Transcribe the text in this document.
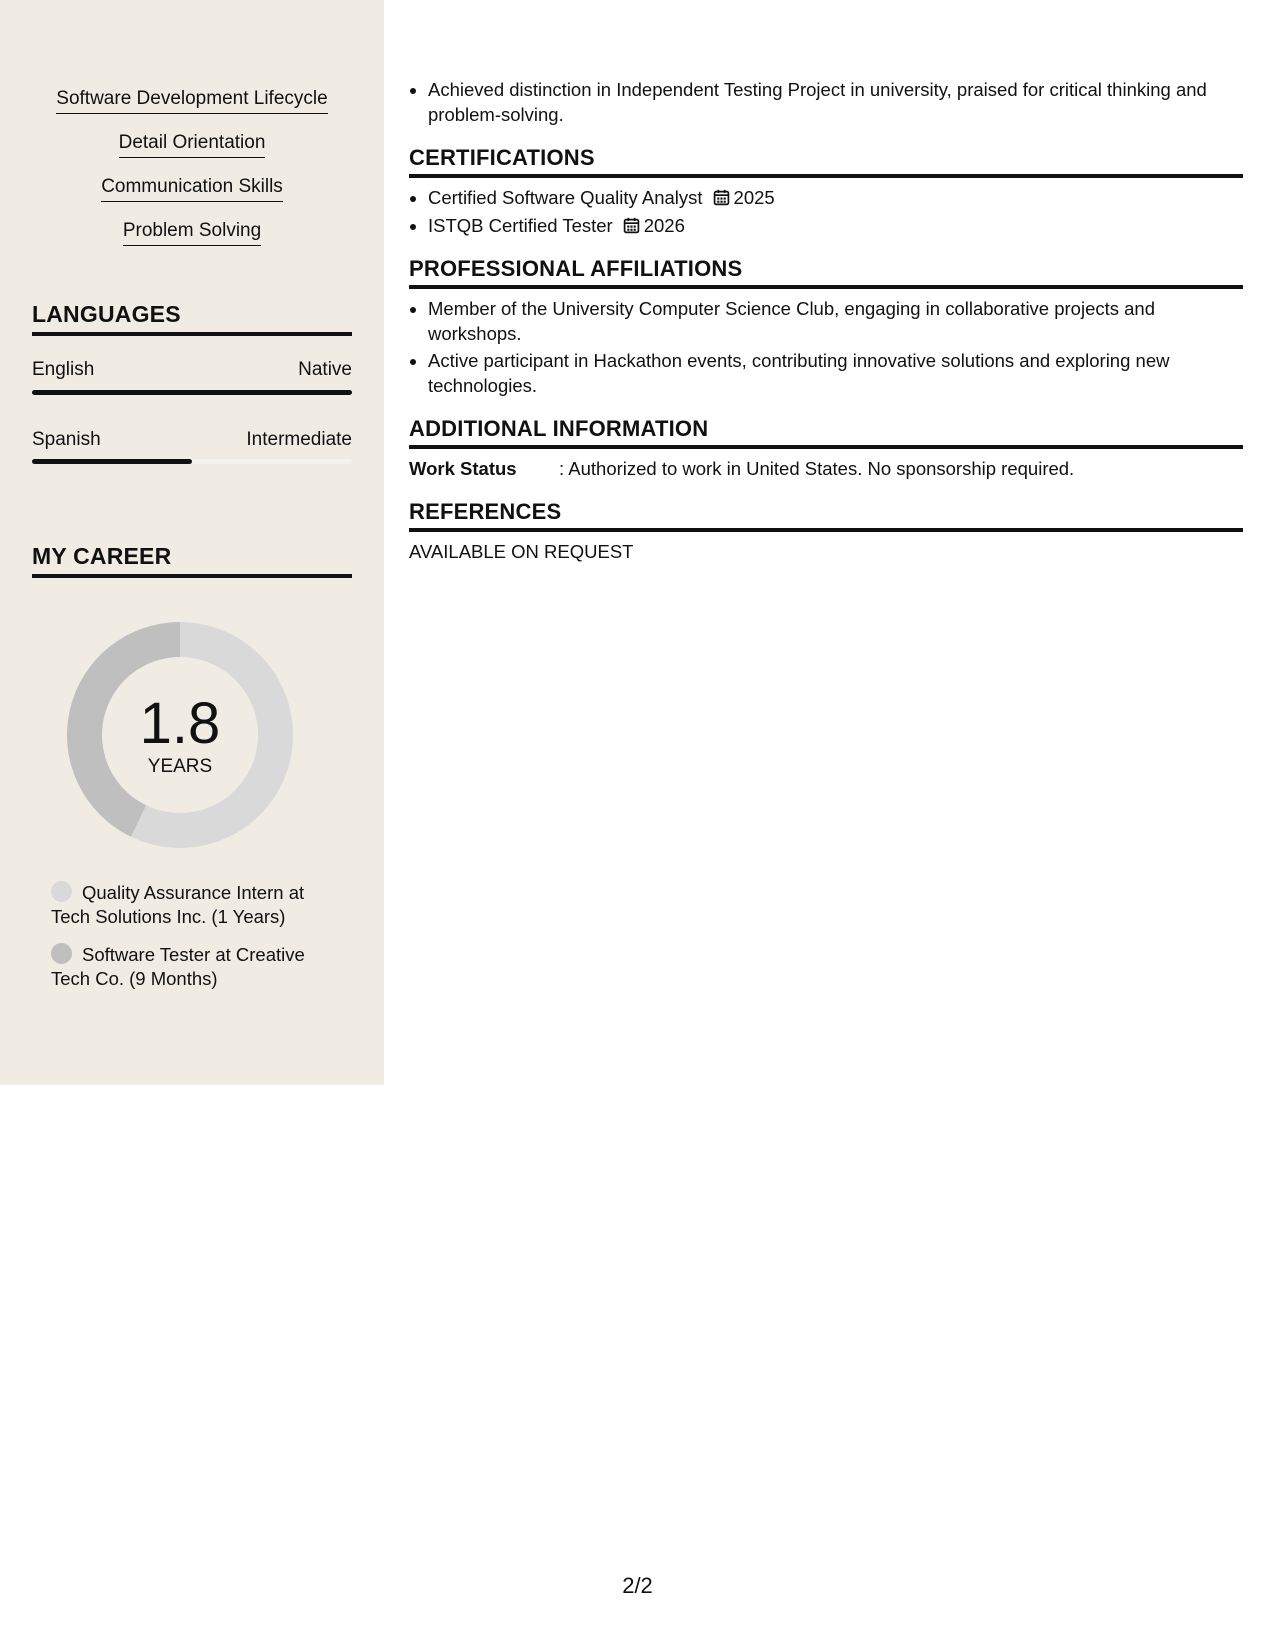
Software Development Lifecycle
Detail Orientation
Communication Skills
Problem Solving
LANGUAGES
English	Native
Spanish	Intermediate
MY CAREER
1.8
YEARS
Quality Assurance Intern at Tech Solutions Inc. (1 Years)
Software Tester at Creative Tech Co. (9 Months)
• Achieved distinction in Independent Testing Project in university, praised for critical thinking and problem-solving.
CERTIFICATIONS
• Certified Software Quality Analyst 2025
• ISTQB Certified Tester 2026
PROFESSIONAL AFFILIATIONS
• Member of the University Computer Science Club, engaging in collaborative projects and workshops.
• Active participant in Hackathon events, contributing innovative solutions and exploring new technologies.
ADDITIONAL INFORMATION
Work Status : Authorized to work in United States. No sponsorship required.
REFERENCES
AVAILABLE ON REQUEST
2/2
